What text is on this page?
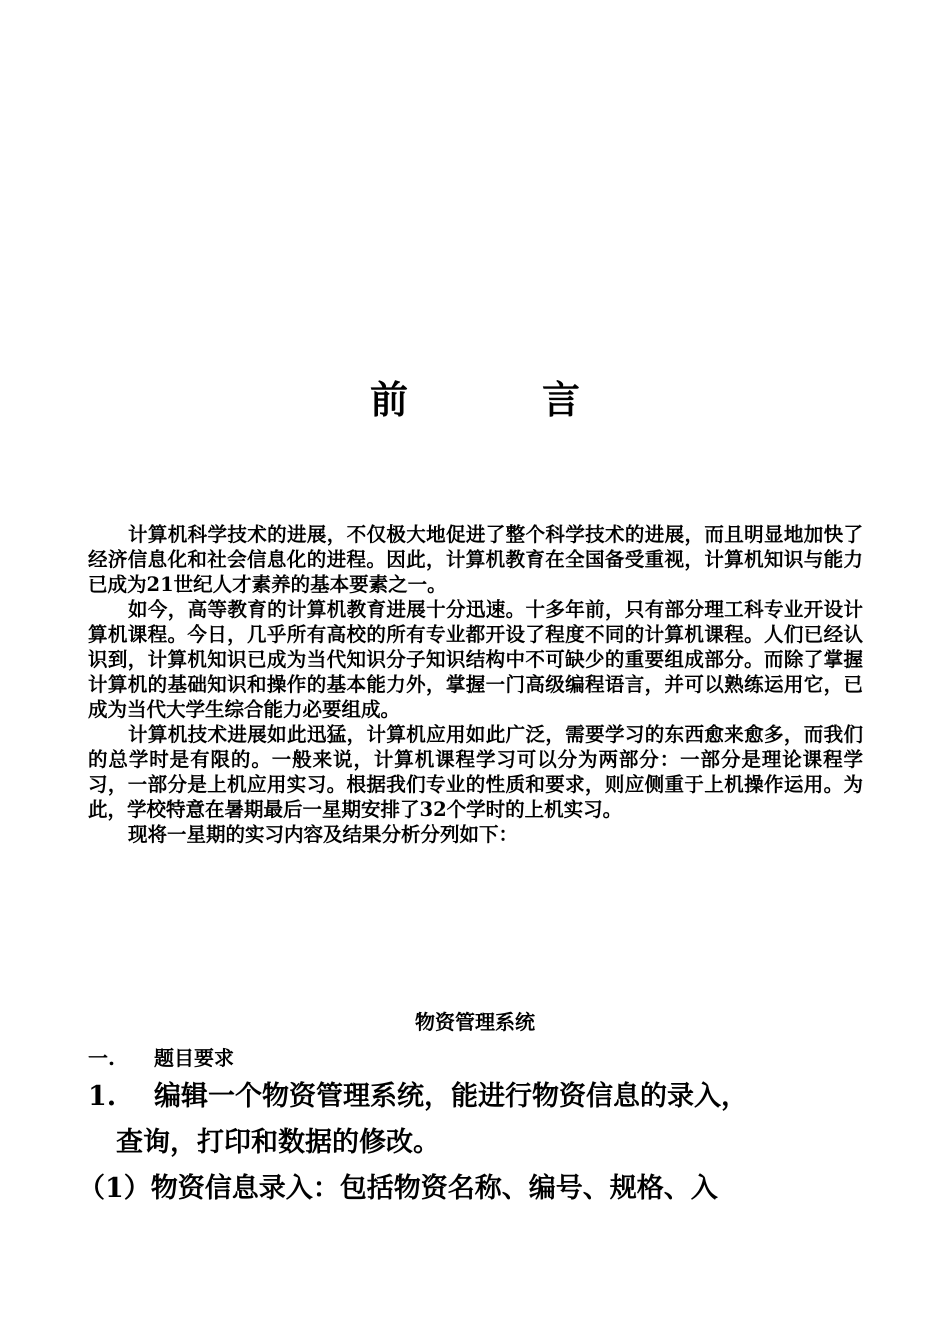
前　言

计算机科学技术的进展，不仅极大地促进了整个科学技术的进展，而且明显地加快了经济信息化和社会信息化的进程。因此，计算机教育在全国备受重视，计算机知识与能力已成为21世纪人才素养的基本要素之一。

如今，高等教育的计算机教育进展十分迅速。十多年前，只有部分理工科专业开设计算机课程。今日，几乎所有高校的所有专业都开设了程度不同的计算机课程。人们已经认识到，计算机知识已成为当代知识分子知识结构中不可缺少的重要组成部分。而除了掌握计算机的基础知识和操作的基本能力外，掌握一门高级编程语言，并可以熟练运用它，已成为当代大学生综合能力必要组成。

计算机技术进展如此迅猛，计算机应用如此广泛，需要学习的东西愈来愈多，而我们的总学时是有限的。一般来说，计算机课程学习可以分为两部分：一部分是理论课程学习，一部分是上机应用实习。根据我们专业的性质和要求，则应侧重于上机操作运用。为此，学校特意在暑期最后一星期安排了32个学时的上机实习。

现将一星期的实习内容及结果分析分列如下：

物资管理系统
一. 题目要求
1. 编辑一个物资管理系统，能进行物资信息的录入，
查询，打印和数据的修改。
（1）物资信息录入：包括物资名称、编号、规格、入
